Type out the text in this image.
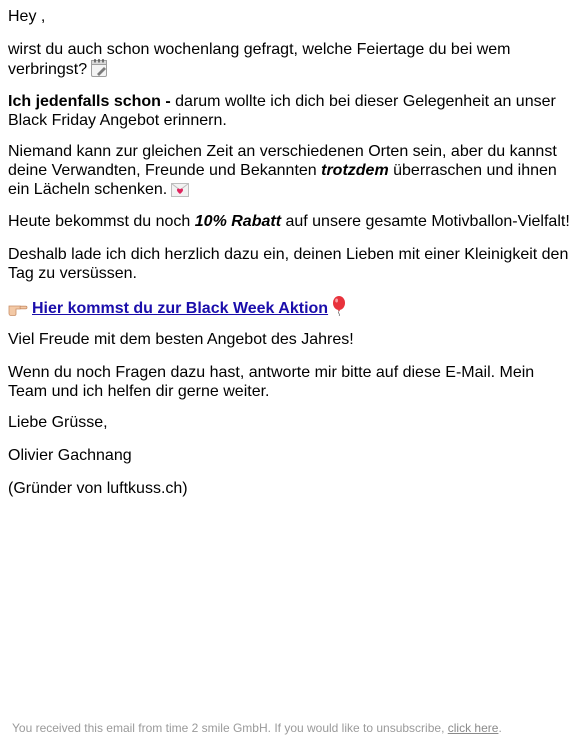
Hey ,

wirst du auch schon wochenlang gefragt, welche Feiertage du bei wem verbringst?

Ich jedenfalls schon - darum wollte ich dich bei dieser Gelegenheit an unser Black Friday Angebot erinnern.

Niemand kann zur gleichen Zeit an verschiedenen Orten sein, aber du kannst deine Verwandten, Freunde und Bekannten trotzdem überraschen und ihnen ein Lächeln schenken.

Heute bekommst du noch 10% Rabatt auf unsere gesamte Motivballon-Vielfalt!

Deshalb lade ich dich herzlich dazu ein, deinen Lieben mit einer Kleinigkeit den Tag zu versüssen.

Hier kommst du zur Black Week Aktion

Viel Freude mit dem besten Angebot des Jahres!

Wenn du noch Fragen dazu hast, antworte mir bitte auf diese E-Mail. Mein Team und ich helfen dir gerne weiter.

Liebe Grüsse,

Olivier Gachnang

(Gründer von luftkuss.ch)

You received this email from time 2 smile GmbH. If you would like to unsubscribe, click here.
